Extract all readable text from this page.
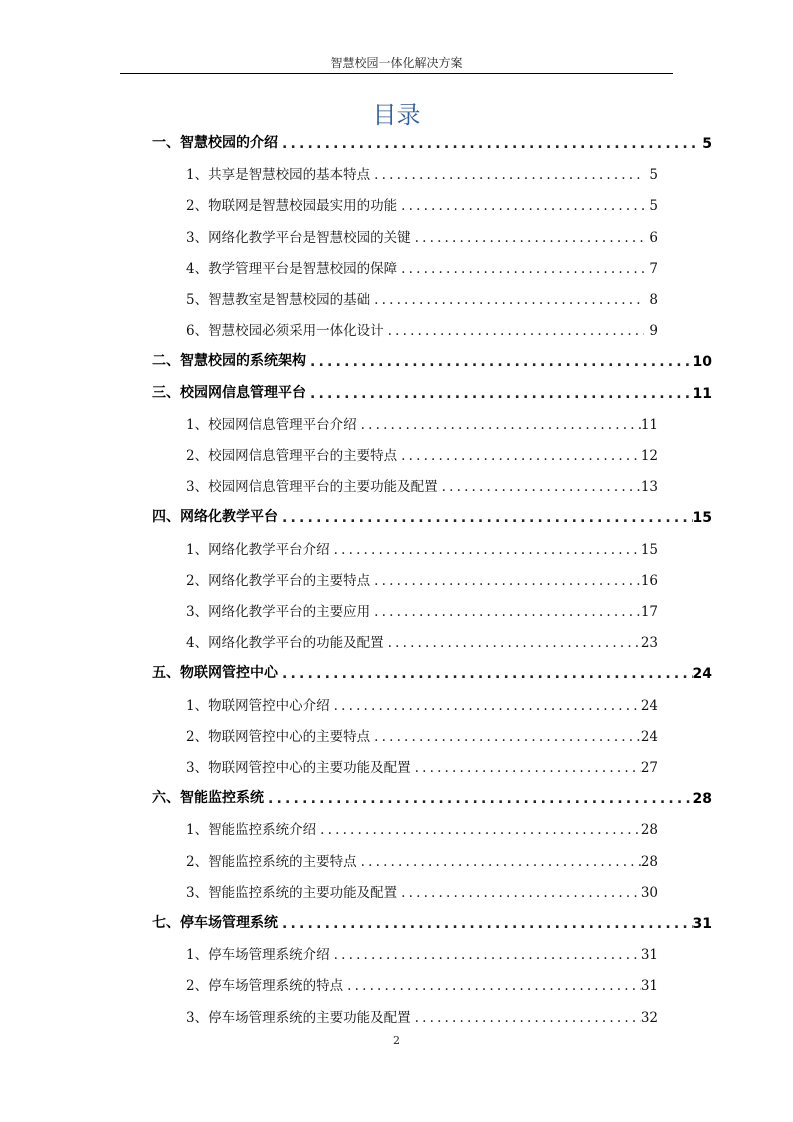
智慧校园一体化解决方案
目录
一、智慧校园的介绍 .....	5
1、共享是智慧校园的基本特点 .....	5
2、物联网是智慧校园最实用的功能 .....	5
3、网络化教学平台是智慧校园的关键 .....	6
4、教学管理平台是智慧校园的保障 .....	7
5、智慧教室是智慧校园的基础 .....	8
6、智慧校园必须采用一体化设计 .....	9
二、智慧校园的系统架构 .....	10
三、校园网信息管理平台 .....	11
1、校园网信息管理平台介绍 .....	11
2、校园网信息管理平台的主要特点 .....	12
3、校园网信息管理平台的主要功能及配置 .....	13
四、网络化教学平台 .....	15
1、网络化教学平台介绍 .....	15
2、网络化教学平台的主要特点 .....	16
3、网络化教学平台的主要应用 .....	17
4、网络化教学平台的功能及配置 .....	23
五、物联网管控中心 .....	24
1、物联网管控中心介绍 .....	24
2、物联网管控中心的主要特点 .....	24
3、物联网管控中心的主要功能及配置 .....	27
六、智能监控系统 .....	28
1、智能监控系统介绍 .....	28
2、智能监控系统的主要特点 .....	28
3、智能监控系统的主要功能及配置 .....	30
七、停车场管理系统 .....	31
1、停车场管理系统介绍 .....	31
2、停车场管理系统的特点 .....	31
3、停车场管理系统的主要功能及配置 .....	32
2
